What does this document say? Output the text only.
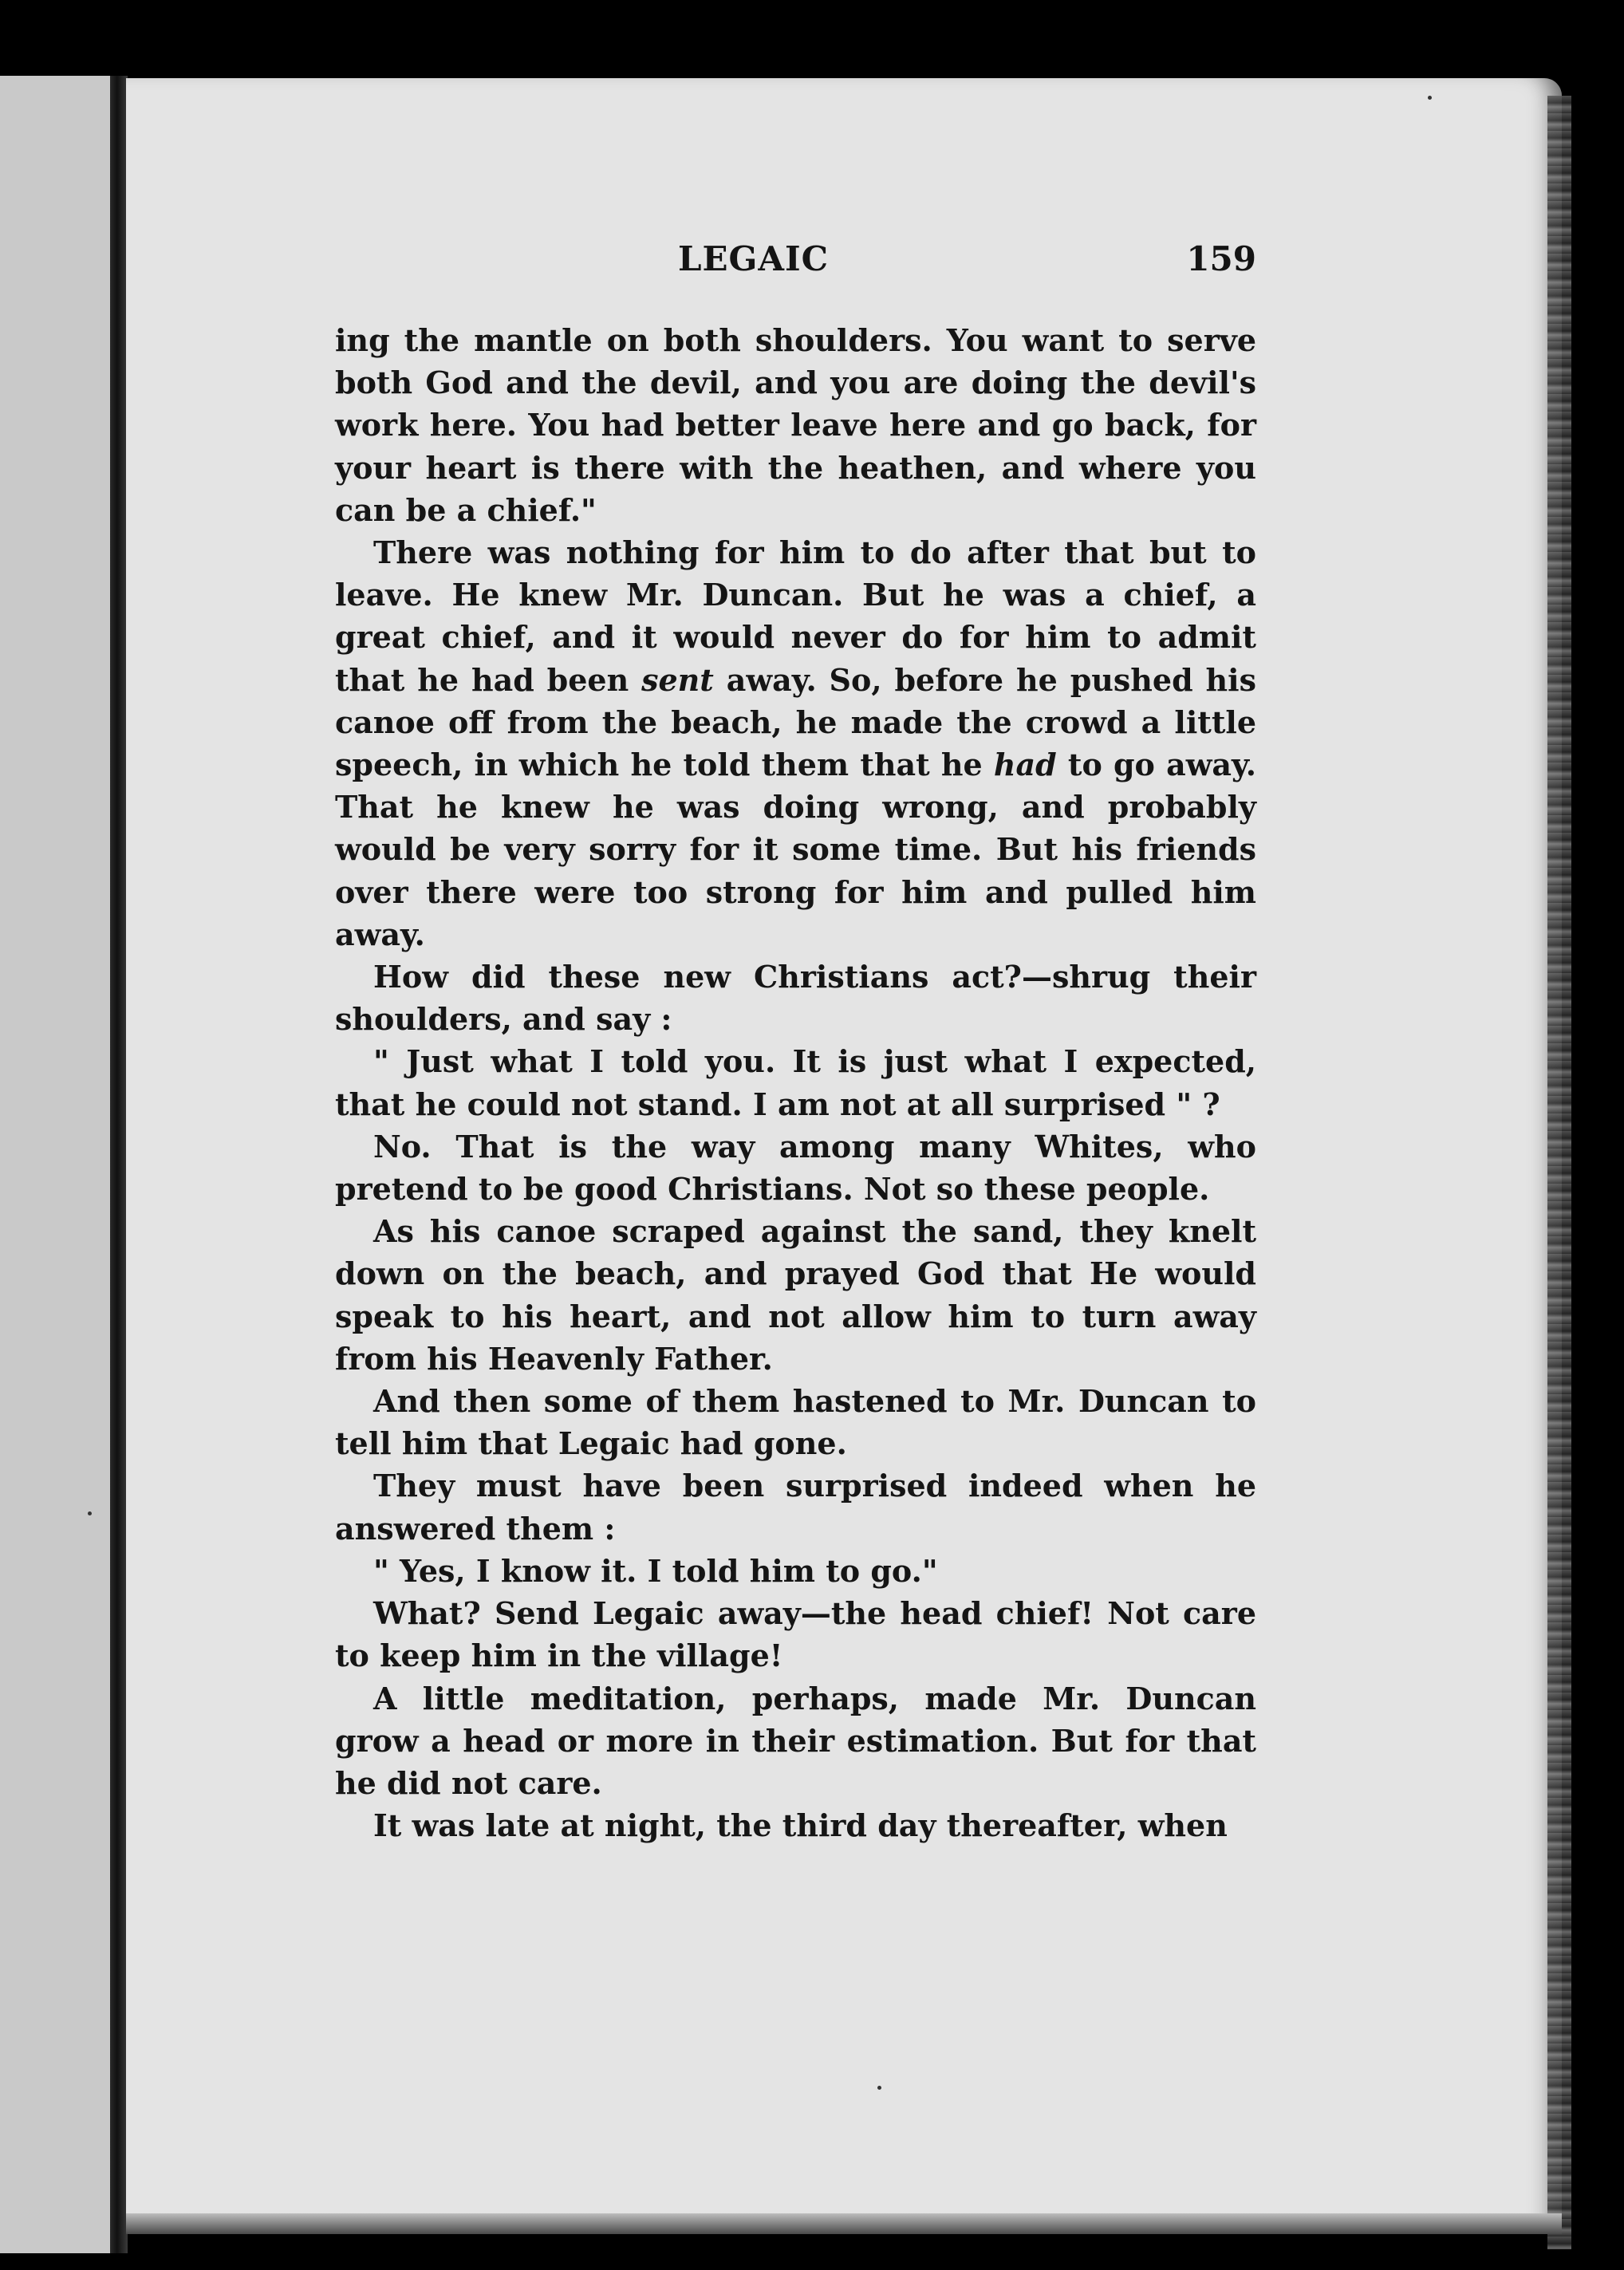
LEGAIC	159

ing the mantle on both shoulders. You want to serve both God and the devil, and you are doing the devil's work here. You had better leave here and go back, for your heart is there with the heathen, and where you can be a chief."

There was nothing for him to do after that but to leave. He knew Mr. Duncan. But he was a chief, a great chief, and it would never do for him to admit that he had been sent away. So, before he pushed his canoe off from the beach, he made the crowd a little speech, in which he told them that he had to go away. That he knew he was doing wrong, and probably would be very sorry for it some time. But his friends over there were too strong for him and pulled him away.

How did these new Christians act?—shrug their shoulders, and say :

" Just what I told you. It is just what I expected, that he could not stand. I am not at all surprised " ?

No. That is the way among many Whites, who pretend to be good Christians. Not so these people.

As his canoe scraped against the sand, they knelt down on the beach, and prayed God that He would speak to his heart, and not allow him to turn away from his Heavenly Father.

And then some of them hastened to Mr. Duncan to tell him that Legaic had gone.

They must have been surprised indeed when he answered them :

" Yes, I know it. I told him to go."

What? Send Legaic away—the head chief! Not care to keep him in the village!

A little meditation, perhaps, made Mr. Duncan grow a head or more in their estimation. But for that he did not care.

It was late at night, the third day thereafter, when
